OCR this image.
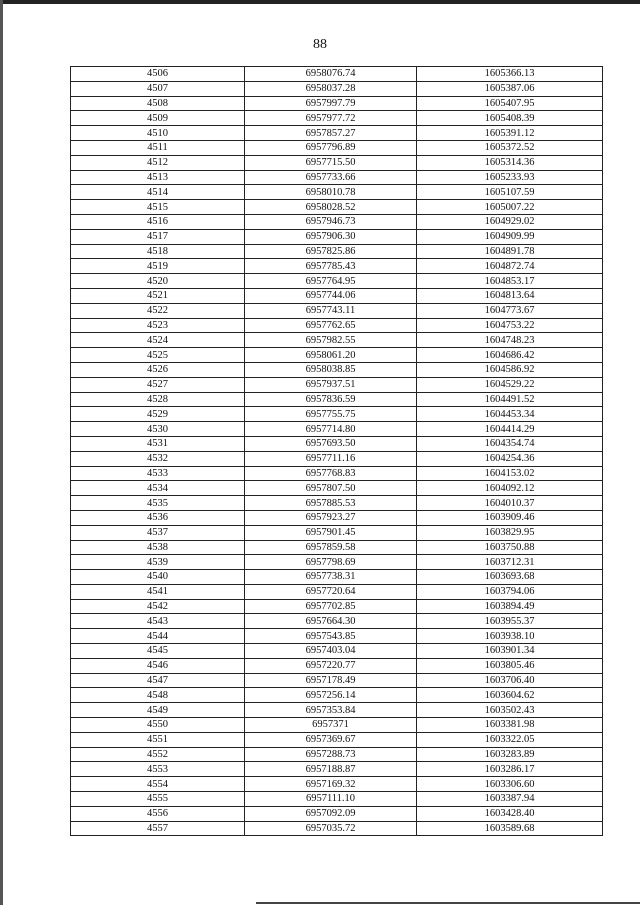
88
4506	6958076.74	1605366.13
4507	6958037.28	1605387.06
4508	6957997.79	1605407.95
4509	6957977.72	1605408.39
4510	6957857.27	1605391.12
4511	6957796.89	1605372.52
4512	6957715.50	1605314.36
4513	6957733.66	1605233.93
4514	6958010.78	1605107.59
4515	6958028.52	1605007.22
4516	6957946.73	1604929.02
4517	6957906.30	1604909.99
4518	6957825.86	1604891.78
4519	6957785.43	1604872.74
4520	6957764.95	1604853.17
4521	6957744.06	1604813.64
4522	6957743.11	1604773.67
4523	6957762.65	1604753.22
4524	6957982.55	1604748.23
4525	6958061.20	1604686.42
4526	6958038.85	1604586.92
4527	6957937.51	1604529.22
4528	6957836.59	1604491.52
4529	6957755.75	1604453.34
4530	6957714.80	1604414.29
4531	6957693.50	1604354.74
4532	6957711.16	1604254.36
4533	6957768.83	1604153.02
4534	6957807.50	1604092.12
4535	6957885.53	1604010.37
4536	6957923.27	1603909.46
4537	6957901.45	1603829.95
4538	6957859.58	1603750.88
4539	6957798.69	1603712.31
4540	6957738.31	1603693.68
4541	6957720.64	1603794.06
4542	6957702.85	1603894.49
4543	6957664.30	1603955.37
4544	6957543.85	1603938.10
4545	6957403.04	1603901.34
4546	6957220.77	1603805.46
4547	6957178.49	1603706.40
4548	6957256.14	1603604.62
4549	6957353.84	1603502.43
4550	6957371	1603381.98
4551	6957369.67	1603322.05
4552	6957288.73	1603283.89
4553	6957188.87	1603286.17
4554	6957169.32	1603306.60
4555	6957111.10	1603387.94
4556	6957092.09	1603428.40
4557	6957035.72	1603589.68
